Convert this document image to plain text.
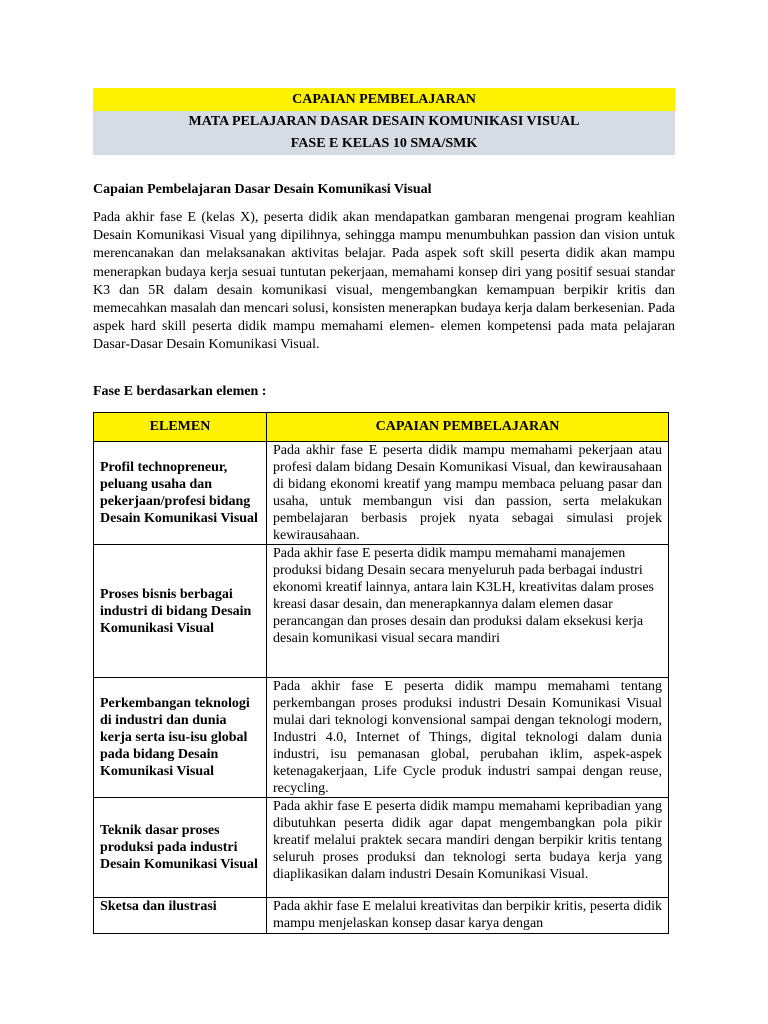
CAPAIAN PEMBELAJARAN
MATA PELAJARAN DASAR DESAIN KOMUNIKASI VISUAL
FASE E KELAS 10 SMA/SMK
Capaian Pembelajaran Dasar Desain Komunikasi Visual
Pada akhir fase E (kelas X), peserta didik akan mendapatkan gambaran mengenai program keahlian Desain Komunikasi Visual yang dipilihnya, sehingga mampu menumbuhkan passion dan vision untuk merencanakan dan melaksanakan aktivitas belajar. Pada aspek soft skill peserta didik akan mampu menerapkan budaya kerja sesuai tuntutan pekerjaan, memahami konsep diri yang positif sesuai standar K3 dan 5R dalam desain komunikasi visual, mengembangkan kemampuan berpikir kritis dan memecahkan masalah dan mencari solusi, konsisten menerapkan budaya kerja dalam berkesenian. Pada aspek hard skill peserta didik mampu memahami elemen- elemen kompetensi pada mata pelajaran Dasar-Dasar Desain Komunikasi Visual.
Fase E berdasarkan elemen :
ELEMEN	CAPAIAN PEMBELAJARAN
Profil technopreneur, peluang usaha dan pekerjaan/profesi bidang Desain Komunikasi Visual	Pada akhir fase E peserta didik mampu memahami pekerjaan atau profesi dalam bidang Desain Komunikasi Visual, dan kewirausahaan di bidang ekonomi kreatif yang mampu membaca peluang pasar dan usaha, untuk membangun visi dan passion, serta melakukan pembelajaran berbasis projek nyata sebagai simulasi projek kewirausahaan.
Proses bisnis berbagai industri di bidang Desain Komunikasi Visual	Pada akhir fase E peserta didik mampu memahami manajemen produksi bidang Desain secara menyeluruh pada berbagai industri ekonomi kreatif lainnya, antara lain K3LH, kreativitas dalam proses kreasi dasar desain, dan menerapkannya dalam elemen dasar perancangan dan proses desain dan produksi dalam eksekusi kerja desain komunikasi visual secara mandiri
Perkembangan teknologi di industri dan dunia kerja serta isu-isu global pada bidang Desain Komunikasi Visual	Pada akhir fase E peserta didik mampu memahami tentang perkembangan proses produksi industri Desain Komunikasi Visual mulai dari teknologi konvensional sampai dengan teknologi modern, Industri 4.0, Internet of Things, digital teknologi dalam dunia industri, isu pemanasan global, perubahan iklim, aspek-aspek ketenagakerjaan, Life Cycle produk industri sampai dengan reuse, recycling.
Teknik dasar proses produksi pada industri Desain Komunikasi Visual	Pada akhir fase E peserta didik mampu memahami kepribadian yang dibutuhkan peserta didik agar dapat mengembangkan pola pikir kreatif melalui praktek secara mandiri dengan berpikir kritis tentang seluruh proses produksi dan teknologi serta budaya kerja yang diaplikasikan dalam industri Desain Komunikasi Visual.
Sketsa dan ilustrasi	Pada akhir fase E melalui kreativitas dan berpikir kritis, peserta didik mampu menjelaskan konsep dasar karya dengan
